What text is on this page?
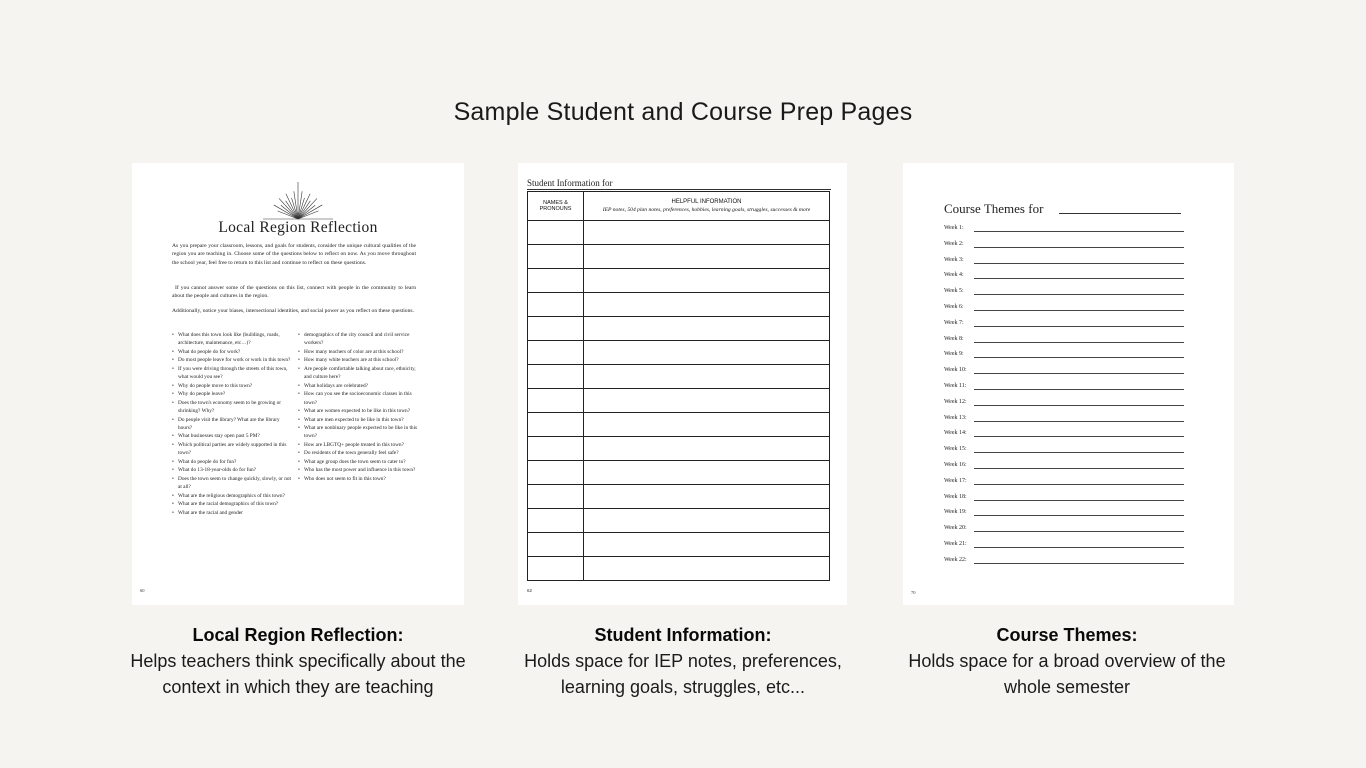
Sample Student and Course Prep Pages
Local Region Reflection

As you prepare your classroom, lessons, and goals for students, consider the unique cultural qualities of the region you are teaching in. Choose some of the questions below to reflect on now. As you move throughout the school year, feel free to return to this list and continue to reflect on these questions.

If you cannot answer some of the questions on this list, connect with people in the community to learn about the people and cultures in the region.

Additionally, notice your biases, intersectional identities, and social power as you reflect on these questions.

• What does this town look like (buildings, roads, architecture, maintenance, etc…)?
• What do people do for work?
• Do most people leave for work or work in this town?
• If you were driving through the streets of this town, what would you see?
• Why do people move to this town?
• Why do people leave?
• Does the town's economy seem to be growing or shrinking? Why?
• Do people visit the library? What are the library hours?
• What businesses stay open past 5 PM?
• Which political parties are widely supported in this town?
• What do people do for fun?
• What do 13-18-year-olds do for fun?
• Does the town seem to change quickly, slowly, or not at all?
• What are the religious demographics of this town?
• What are the racial demographics of this town?
• What are the racial and gender
• demographics of the city council and civil service workers?
• How many teachers of color are at this school?
• How many white teachers are at this school?
• Are people comfortable talking about race, ethnicity, and culture here?
• What holidays are celebrated?
• How can you see the socioeconomic classes in this town?
• What are women expected to be like in this town?
• What are men expected to be like in this town?
• What are nonbinary people expected to be like in this town?
• How are LBGTQ+ people treated in this town?
• Do residents of the town generally feel safe?
• What age group does the town seem to cater to?
• Who has the most power and influence in this town?
• Who does not seem to fit in this town?
60
Student Information for
NAMES & PRONOUNS	HELPFUL INFORMATION
IEP notes, 504 plan notes, preferences, hobbies, learning goals, struggles, successes & more

62
Course Themes for
Week 1:
Week 2:
Week 3:
Week 4:
Week 5:
Week 6:
Week 7:
Week 8:
Week 9:
Week 10:
Week 11:
Week 12:
Week 13:
Week 14:
Week 15:
Week 16:
Week 17:
Week 18:
Week 19:
Week 20:
Week 21:
Week 22:
70
Local Region Reflection:
Helps teachers think specifically about the context in which they are teaching
Student Information:
Holds space for IEP notes, preferences, learning goals, struggles, etc...
Course Themes:
Holds space for a broad overview of the whole semester
